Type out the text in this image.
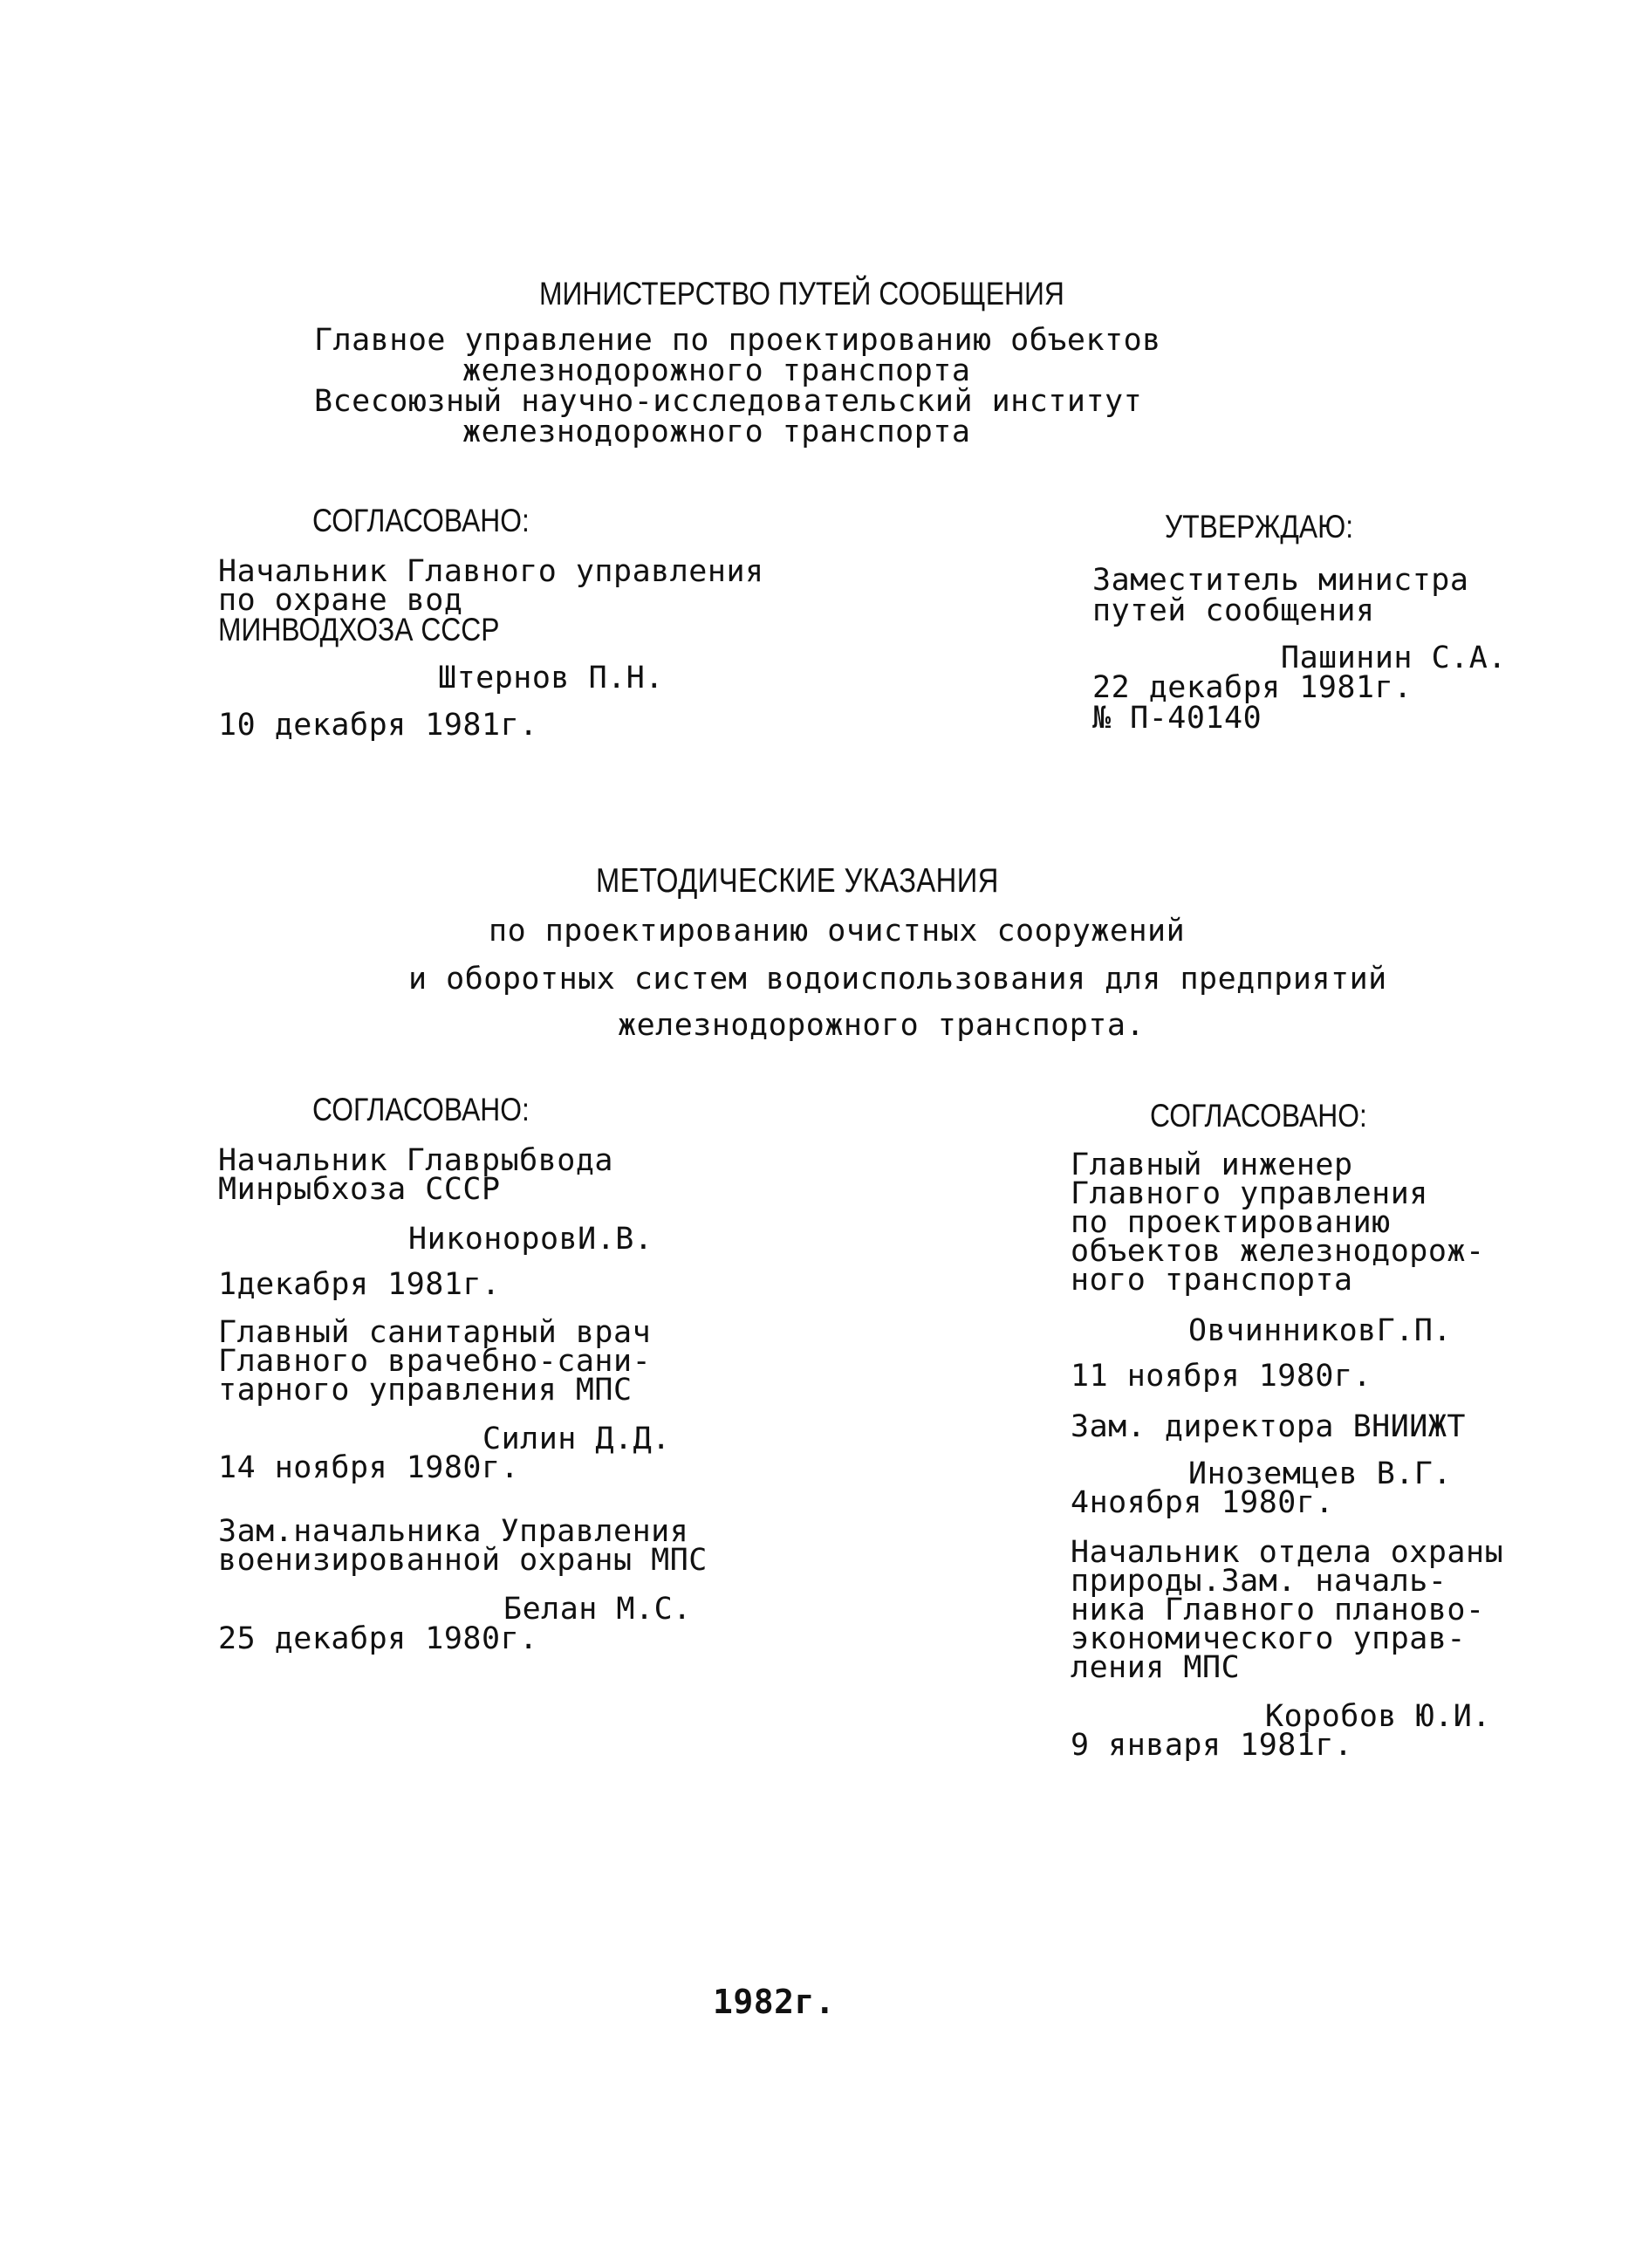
МИНИСТЕРСТВО ПУТЕЙ СООБЩЕНИЯ
Главное управление по проектированию объектов
железнодорожного транспорта
Всесоюзный научно-исследовательский институт
железнодорожного транспорта
СОГЛАСОВАНО:
Начальник Главного управления
по охране вод
МИНВОДХОЗА СССР
Штернов П.Н.
10 декабря 1981г.
УТВЕРЖДАЮ:
Заместитель министра
путей сообщения
Пашинин С.А.
22 декабря 1981г.
№ П-40140
МЕТОДИЧЕСКИЕ УКАЗАНИЯ
по проектированию очистных сооружений
и оборотных систем водоиспользования для предприятий
железнодорожного транспорта.
СОГЛАСОВАНО:
Начальник Главрыбвода
Минрыбхоза СССР
НиконоровИ.В.
1декабря 1981г.
Главный санитарный врач
Главного врачебно-сани-
тарного управления МПС
Силин Д.Д.
14 ноября 1980г.
Зам.начальника Управления
военизированной охраны МПС
Белан М.С.
25 декабря 1980г.
СОГЛАСОВАНО:
Главный инженер
Главного управления
по проектированию
объектов железнодорож-
ного транспорта
ОвчинниковГ.П.
11 ноября 1980г.
Зам. директора ВНИИЖТ
Иноземцев В.Г.
4ноября 1980г.
Начальник отдела охраны
природы.Зам. началь-
ника Главного планово-
экономического управ-
ления МПС
Коробов Ю.И.
9 января 1981г.
1982г.
